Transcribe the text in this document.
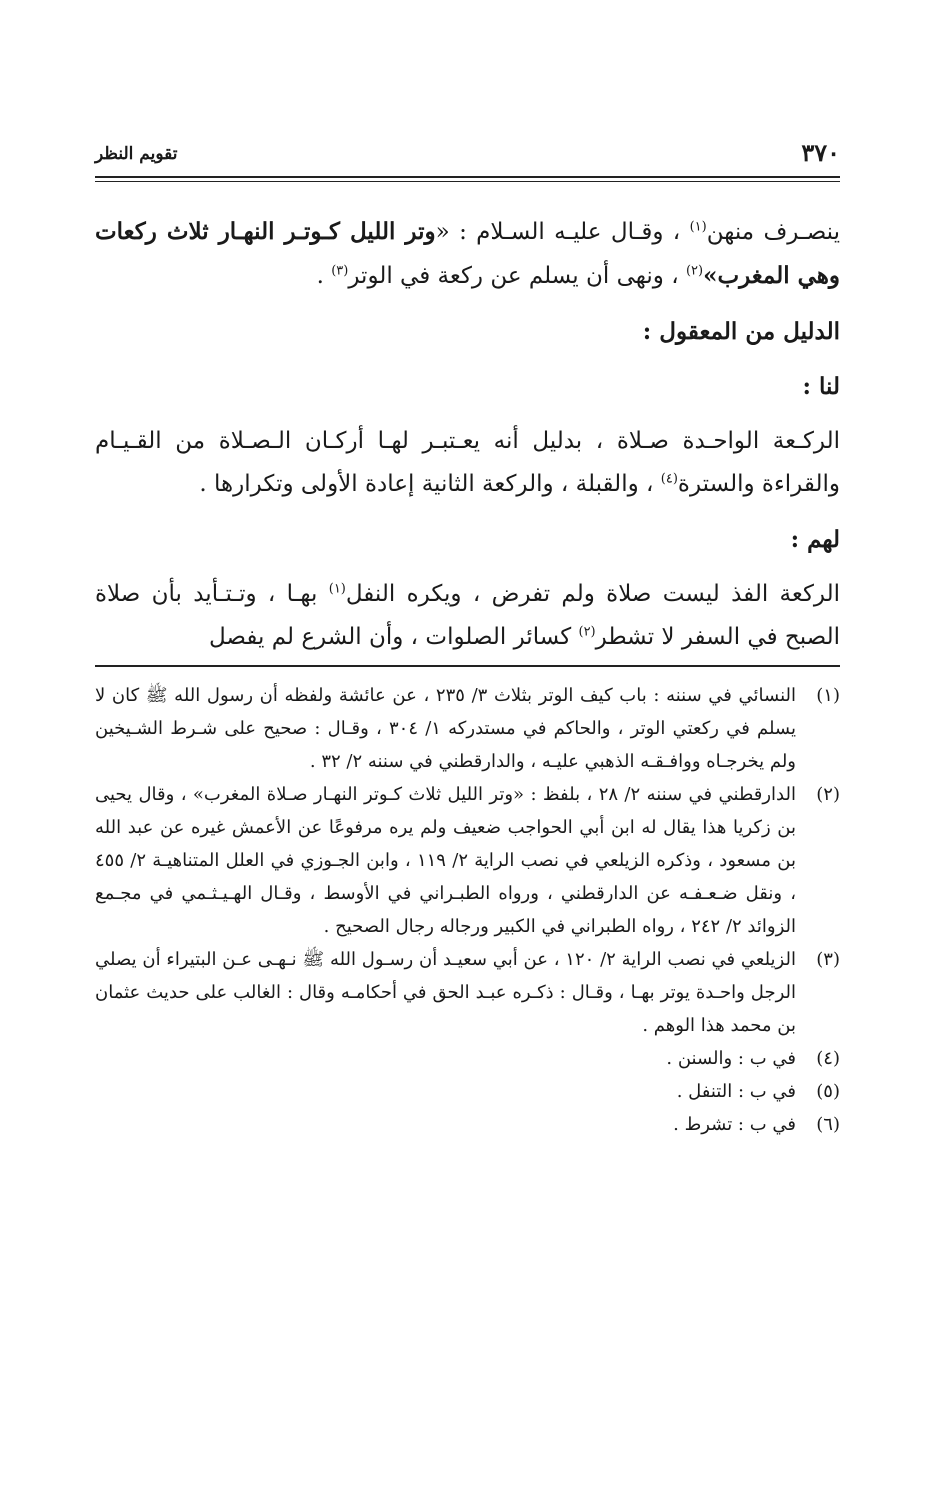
٣٧٠
تقويم النظر

ينصـرف منهن$^{(١)}$ ، وقـال عليـه السـلام : «وتر الليل كـوتـر النهـار ثلاث ركعات وهي المغرب»$^{(٢)}$ ، ونهى أن يسلم عن ركعة في الوتر$^{(٣)}$ .

الدليل من المعقول :

لنا :

الركـعة الواحـدة صـلاة ، بدليل أنه يعـتبـر لهـا أركـان الـصـلاة من القـيـام والقراءة والسترة$^{(٤)}$ ، والقبلة ، والركعة الثانية إعادة الأولى وتكرارها .

لهم :

الركعة الفذ ليست صلاة ولم تفرض ، ويكره النفل$^{(١)}$ بهـا ، وتـتـأيد بأن صلاة الصبح في السفر لا تشطر$^{(٢)}$ كسائر الصلوات ، وأن الشرع لم يفصل

(١)
النسائي في سننه : باب كيف الوتر بثلاث ٣/ ٢٣٥ ، عن عائشة ولفظه أن رسول الله ﷺ كان لا يسلم في ركعتي الوتر ، والحاكم في مستدركه ١/ ٣٠٤ ، وقـال : صحيح على شـرط الشـيخين ولم يخرجـاه ووافـقـه الذهبي عليـه ، والدارقطني في سننه ٢/ ٣٢ .

(٢)
الدارقطني في سننه ٢/ ٢٨ ، بلفظ : «وتر الليل ثلاث كـوتر النهـار صـلاة المغرب» ، وقال يحيى بن زكريا هذا يقال له ابن أبي الحواجب ضعيف ولم يره مرفوعًا عن الأعمش غيره عن عبد الله بن مسعود ، وذكره الزيلعي في نصب الراية ٢/ ١١٩ ، وابن الجـوزي في العلل المتناهيـة ٢/ ٤٥٥ ، ونقل ضـعـفـه عن الدارقطني ، ورواه الطبـراني في الأوسط ، وقـال الهـيـثـمي في مجـمع الزوائد ٢/ ٢٤٢ ، رواه الطبراني في الكبير ورجاله رجال الصحيح .

(٣)
الزيلعي في نصب الراية ٢/ ١٢٠ ، عن أبي سعيـد أن رسـول الله ﷺ نـهـى عـن البتيراء أن يصلي الرجل واحـدة يوتر بهـا ، وقـال : ذكـره عبـد الحق في أحكامـه وقال : الغالب على حديث عثمان بن محمد هذا الوهم .

(٤)
في ب : والسنن .

(٥)
في ب : التنفل .

(٦)
في ب : تشرط .
